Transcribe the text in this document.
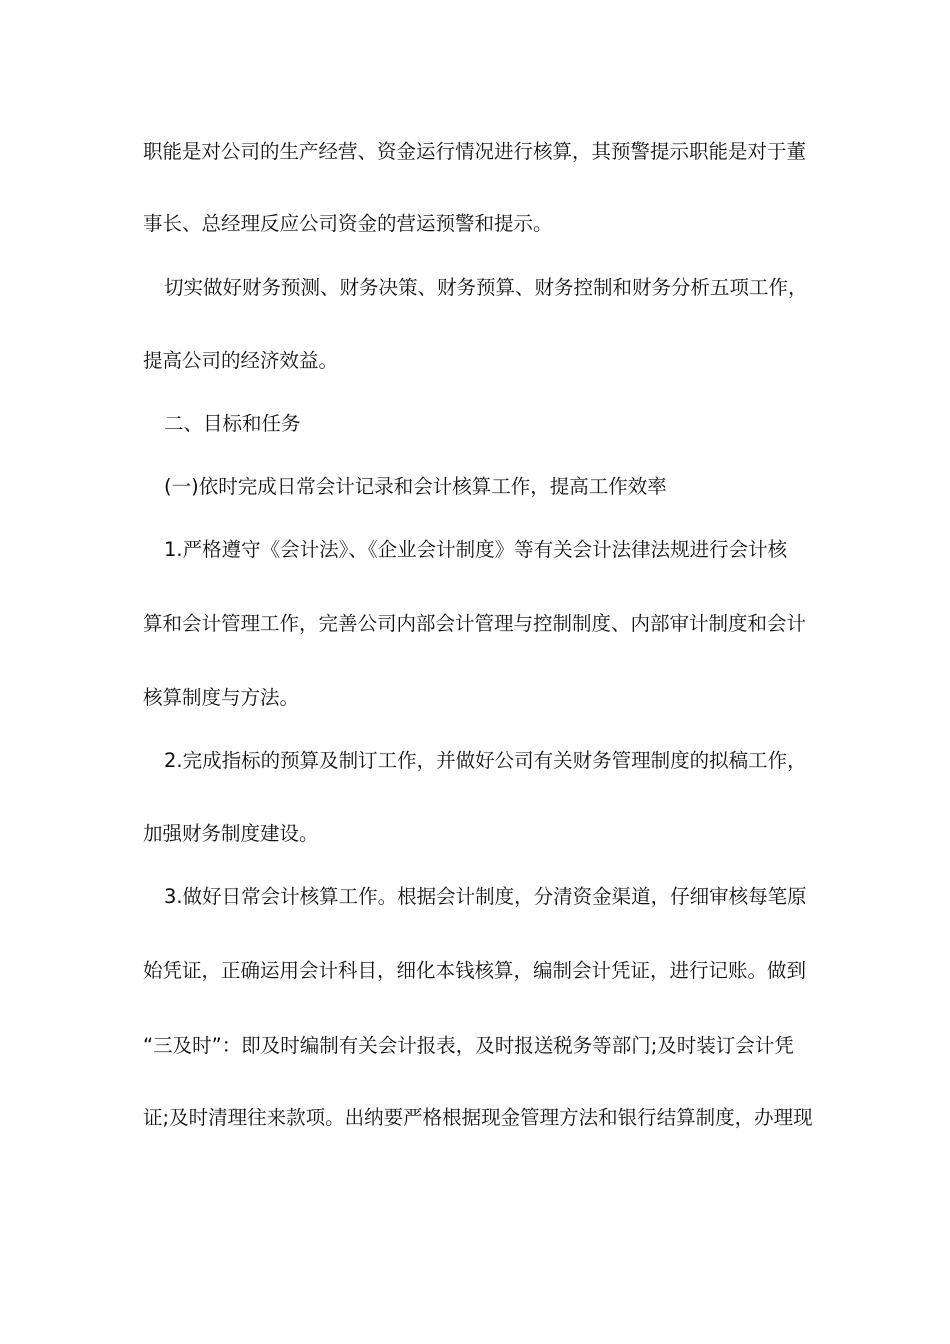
职能是对公司的生产经营、资金运行情况进行核算，其预警提示职能是对于董
事长、总经理反应公司资金的营运预警和提示。
切实做好财务预测、财务决策、财务预算、财务控制和财务分析五项工作，
提高公司的经济效益。
二、目标和任务
(一)依时完成日常会计记录和会计核算工作，提高工作效率
1.严格遵守《会计法》、《企业会计制度》等有关会计法律法规进行会计核
算和会计管理工作，完善公司内部会计管理与控制制度、内部审计制度和会计
核算制度与方法。
2.完成指标的预算及制订工作，并做好公司有关财务管理制度的拟稿工作，
加强财务制度建设。
3.做好日常会计核算工作。根据会计制度，分清资金渠道，仔细审核每笔原
始凭证，正确运用会计科目，细化本钱核算，编制会计凭证，进行记账。做到
“三及时”：即及时编制有关会计报表，及时报送税务等部门;及时装订会计凭
证;及时清理往来款项。出纳要严格根据现金管理方法和银行结算制度，办理现
